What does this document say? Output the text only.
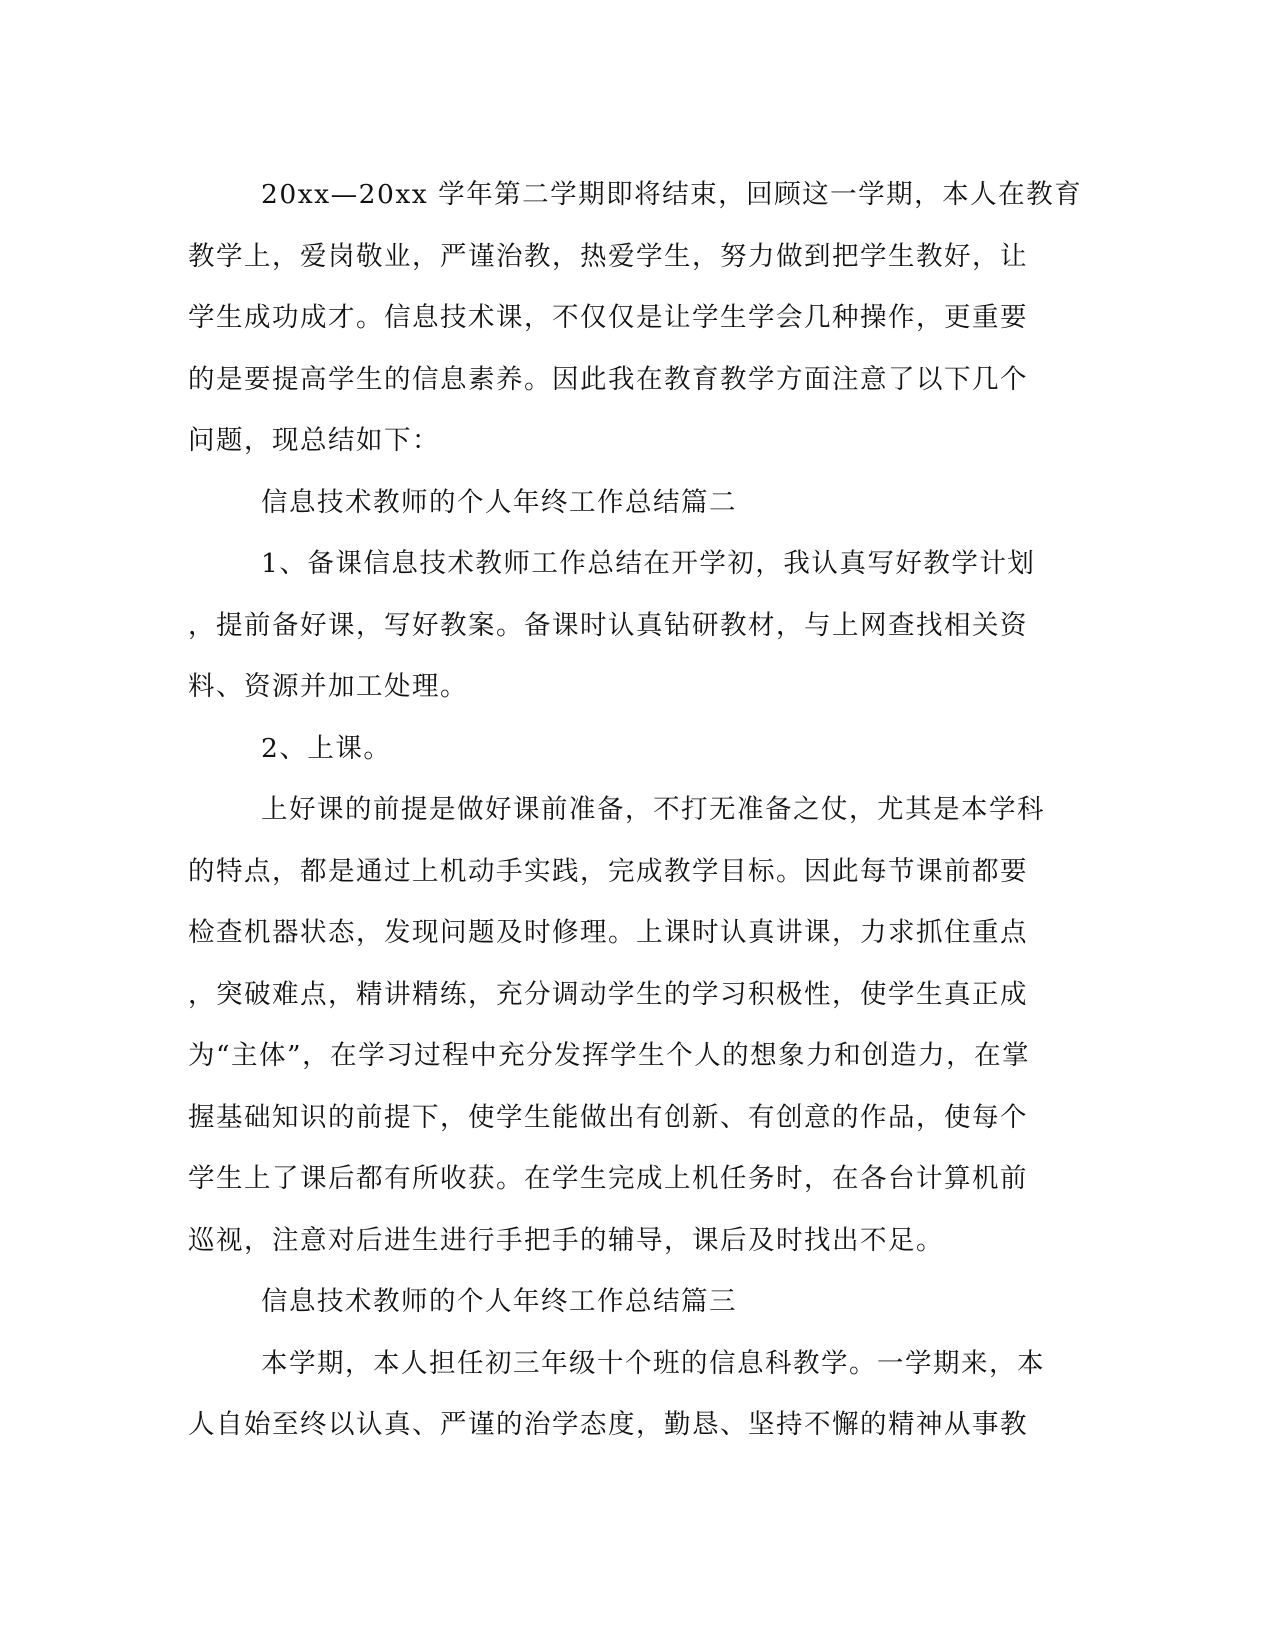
20xx—20xx 学年第二学期即将结束，回顾这一学期，本人在教育
教学上，爱岗敬业，严谨治教，热爱学生，努力做到把学生教好，让
学生成功成才。信息技术课，不仅仅是让学生学会几种操作，更重要
的是要提高学生的信息素养。因此我在教育教学方面注意了以下几个
问题，现总结如下：
信息技术教师的个人年终工作总结篇二
1、备课信息技术教师工作总结在开学初，我认真写好教学计划
，提前备好课，写好教案。备课时认真钻研教材，与上网查找相关资
料、资源并加工处理。
2、上课。
上好课的前提是做好课前准备，不打无准备之仗，尤其是本学科
的特点，都是通过上机动手实践，完成教学目标。因此每节课前都要
检查机器状态，发现问题及时修理。上课时认真讲课，力求抓住重点
，突破难点，精讲精练，充分调动学生的学习积极性，使学生真正成
为“主体”，在学习过程中充分发挥学生个人的想象力和创造力，在掌
握基础知识的前提下，使学生能做出有创新、有创意的作品，使每个
学生上了课后都有所收获。在学生完成上机任务时，在各台计算机前
巡视，注意对后进生进行手把手的辅导，课后及时找出不足。
信息技术教师的个人年终工作总结篇三
本学期，本人担任初三年级十个班的信息科教学。一学期来，本
人自始至终以认真、严谨的治学态度，勤恳、坚持不懈的精神从事教
